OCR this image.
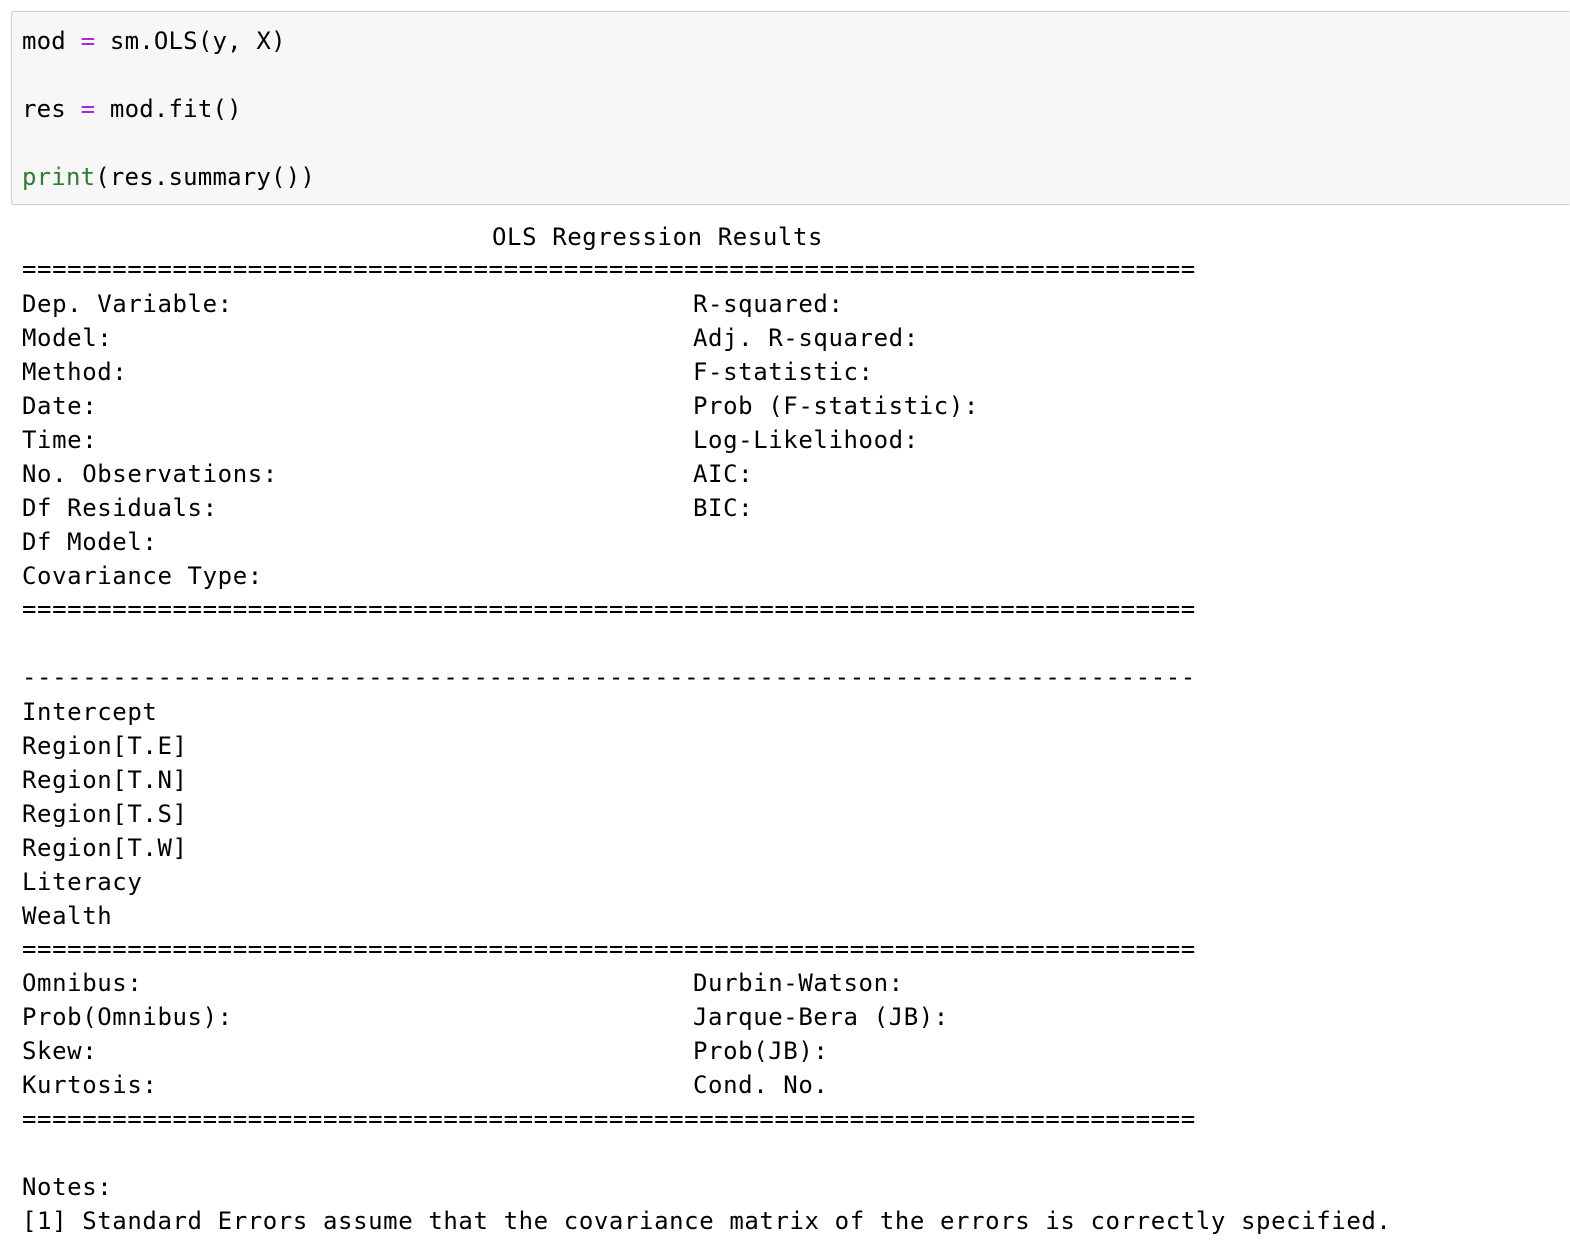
mod = sm.OLS(y, X)
res = mod.fit()
print(res.summary())
OLS Regression Results
==============================================================================
Dep. Variable:	R-squared:
Model:	Adj. R-squared:
Method:	F-statistic:
Date:	Prob (F-statistic):
Time:	Log-Likelihood:
No. Observations:	AIC:
Df Residuals:	BIC:
Df Model:
Covariance Type:
==============================================================================

------------------------------------------------------------------------------
Intercept
Region[T.E]
Region[T.N]
Region[T.S]
Region[T.W]
Literacy
Wealth
==============================================================================
Omnibus:	Durbin-Watson:
Prob(Omnibus):	Jarque-Bera (JB):
Skew:	Prob(JB):
Kurtosis:	Cond. No.
==============================================================================
Notes:
[1] Standard Errors assume that the covariance matrix of the errors is correctly specified.
